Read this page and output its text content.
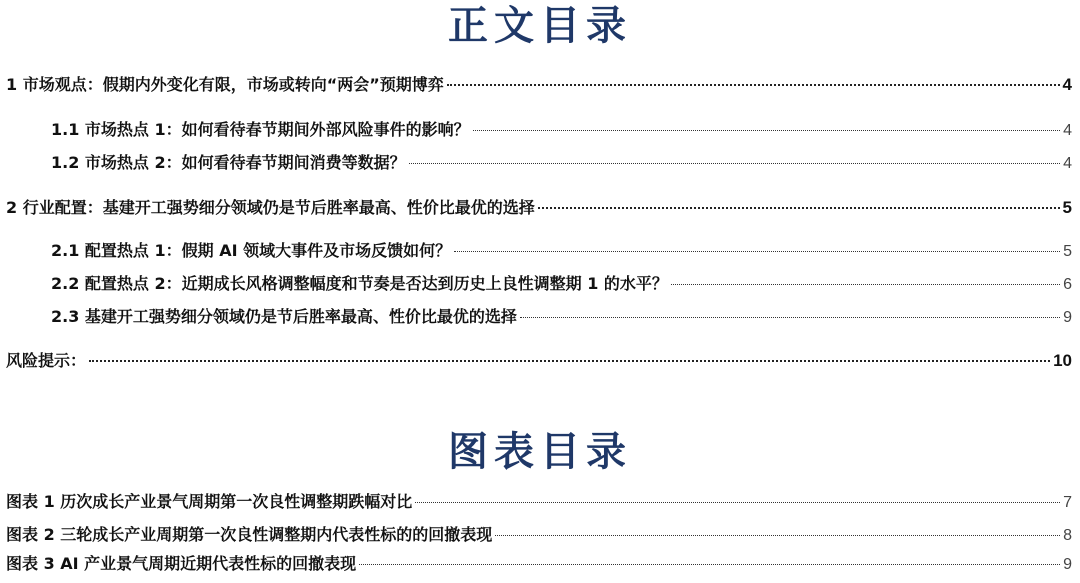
正文目录
1 市场观点：假期内外变化有限，市场或转向“两会”预期博弈	4
1.1 市场热点 1：如何看待春节期间外部风险事件的影响？	4
1.2 市场热点 2：如何看待春节期间消费等数据？	4
2 行业配置：基建开工强势细分领域仍是节后胜率最高、性价比最优的选择	5
2.1 配置热点 1：假期 AI 领域大事件及市场反馈如何？	5
2.2 配置热点 2：近期成长风格调整幅度和节奏是否达到历史上良性调整期 1 的水平？	6
2.3 基建开工强势细分领域仍是节后胜率最高、性价比最优的选择	9
风险提示：	10
图表目录
图表 1 历次成长产业景气周期第一次良性调整期跌幅对比	7
图表 2 三轮成长产业周期第一次良性调整期内代表性标的的回撤表现	8
图表 3 AI 产业景气周期近期代表性标的回撤表现	9
